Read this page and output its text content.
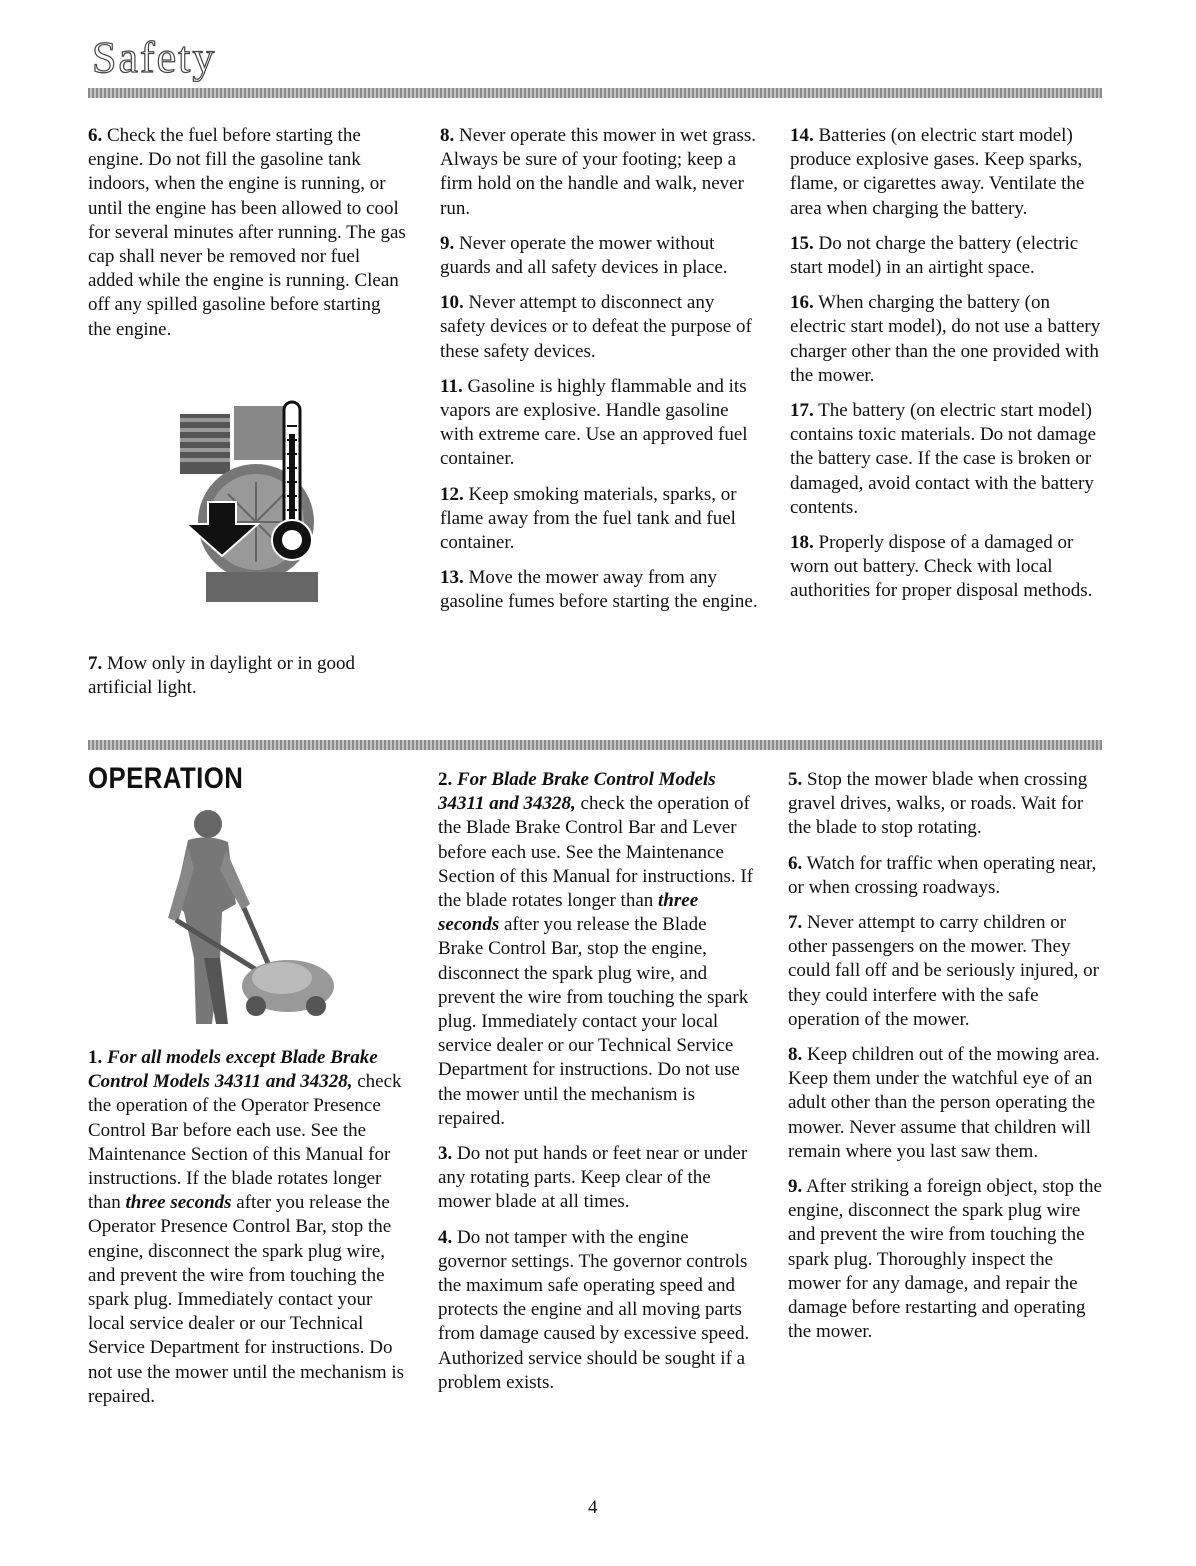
Safety

6. Check the fuel before starting the engine. Do not fill the gasoline tank indoors, when the engine is running, or until the engine has been allowed to cool for several minutes after running. The gas cap shall never be removed nor fuel added while the engine is running. Clean off any spilled gasoline before starting the engine.

7. Mow only in daylight or in good artificial light.

8. Never operate this mower in wet grass. Always be sure of your footing; keep a firm hold on the handle and walk, never run.

9. Never operate the mower without guards and all safety devices in place.

10. Never attempt to disconnect any safety devices or to defeat the purpose of these safety devices.

11. Gasoline is highly flammable and its vapors are explosive. Handle gasoline with extreme care. Use an approved fuel container.

12. Keep smoking materials, sparks, or flame away from the fuel tank and fuel container.

13. Move the mower away from any gasoline fumes before starting the engine.

14. Batteries (on electric start model) produce explosive gases. Keep sparks, flame, or cigarettes away. Ventilate the area when charging the battery.

15. Do not charge the battery (electric start model) in an airtight space.

16. When charging the battery (on electric start model), do not use a battery charger other than the one provided with the mower.

17. The battery (on electric start model) contains toxic materials. Do not damage the battery case. If the case is broken or damaged, avoid contact with the battery contents.

18. Properly dispose of a damaged or worn out battery. Check with local authorities for proper disposal methods.

OPERATION

1. For all models except Blade Brake Control Models 34311 and 34328, check the operation of the Operator Presence Control Bar before each use. See the Maintenance Section of this Manual for instructions. If the blade rotates longer than three seconds after you release the Operator Presence Control Bar, stop the engine, disconnect the spark plug wire, and prevent the wire from touching the spark plug. Immediately contact your local service dealer or our Technical Service Department for instructions. Do not use the mower until the mechanism is repaired.

2. For Blade Brake Control Models 34311 and 34328, check the operation of the Blade Brake Control Bar and Lever before each use. See the Maintenance Section of this Manual for instructions. If the blade rotates longer than three seconds after you release the Blade Brake Control Bar, stop the engine, disconnect the spark plug wire, and prevent the wire from touching the spark plug. Immediately contact your local service dealer or our Technical Service Department for instructions. Do not use the mower until the mechanism is repaired.

3. Do not put hands or feet near or under any rotating parts. Keep clear of the mower blade at all times.

4. Do not tamper with the engine governor settings. The governor controls the maximum safe operating speed and protects the engine and all moving parts from damage caused by excessive speed. Authorized service should be sought if a problem exists.

5. Stop the mower blade when crossing gravel drives, walks, or roads. Wait for the blade to stop rotating.

6. Watch for traffic when operating near, or when crossing roadways.

7. Never attempt to carry children or other passengers on the mower. They could fall off and be seriously injured, or they could interfere with the safe operation of the mower.

8. Keep children out of the mowing area. Keep them under the watchful eye of an adult other than the person operating the mower. Never assume that children will remain where you last saw them.

9. After striking a foreign object, stop the engine, disconnect the spark plug wire and prevent the wire from touching the spark plug. Thoroughly inspect the mower for any damage, and repair the damage before restarting and operating the mower.

4
